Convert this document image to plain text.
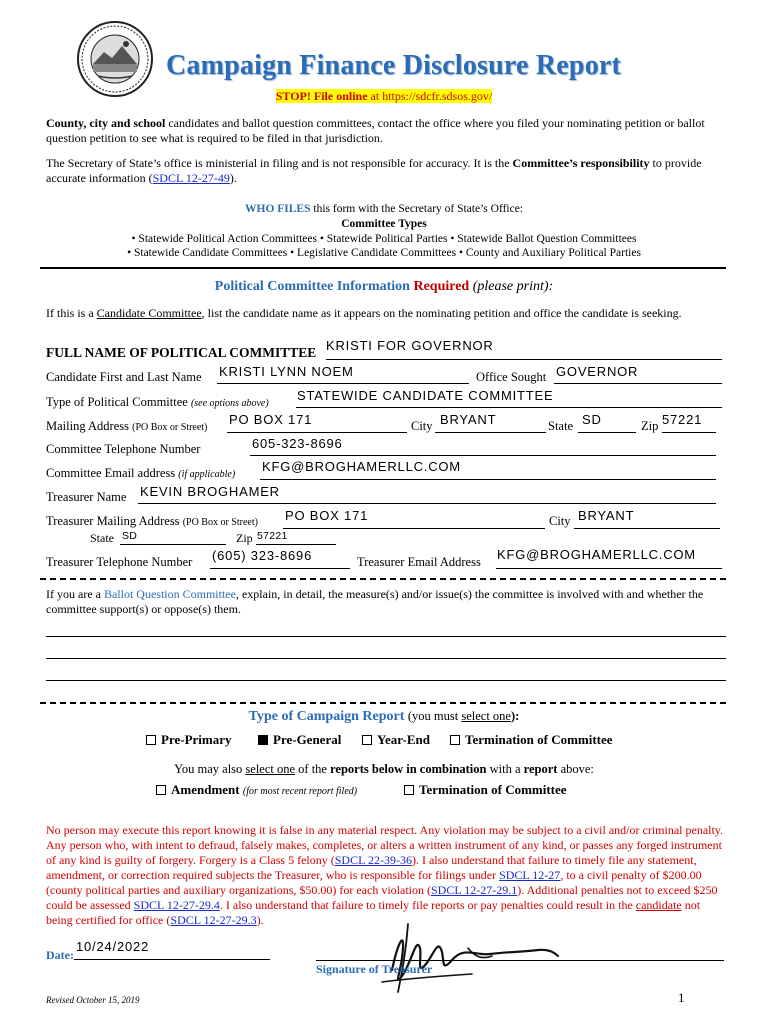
Campaign Finance Disclosure Report
STOP! File online at https://sdcfr.sdsos.gov/
County, city and school candidates and ballot question committees, contact the office where you filed your nominating petition or ballot question petition to see what is required to be filed in that jurisdiction.
The Secretary of State’s office is ministerial in filing and is not responsible for accuracy. It is the Committee’s responsibility to provide accurate information (SDCL 12-27-49).
WHO FILES this form with the Secretary of State’s Office:
Committee Types
• Statewide Political Action Committees • Statewide Political Parties • Statewide Ballot Question Committees
• Statewide Candidate Committees • Legislative Candidate Committees • County and Auxiliary Political Parties
Political Committee Information Required (please print):
If this is a Candidate Committee, list the candidate name as it appears on the nominating petition and office the candidate is seeking.
FULL NAME OF POLITICAL COMMITTEE KRISTI FOR GOVERNOR
Candidate First and Last Name KRISTI LYNN NOEM	Office Sought GOVERNOR
Type of Political Committee (see options above)
STATEWIDE CANDIDATE COMMITTEE
Mailing Address (PO Box or Street)
PO BOX 171	City BRYANT	State SD	Zip 57221
Committee Telephone Number	605-323-8696
Committee Email address (if applicable)
KFG@BROGHAMERLLC.COM
Treasurer Name KEVIN BROGHAMER
Treasurer Mailing Address (PO Box or Street) PO BOX 171	City BRYANT
State SD	Zip 57221
Treasurer Telephone Number (605) 323-8696	Treasurer Email Address KFG@BROGHAMERLLC.COM
If you are a Ballot Question Committee, explain, in detail, the measure(s) and/or issue(s) the committee is involved with and whether the committee support(s) or oppose(s) them.
Type of Campaign Report (you must select one):
Pre-Primary	Pre-General	Year-End	Termination of Committee
You may also select one of the reports below in combination with a report above:
Amendment (for most recent report filed)	Termination of Committee
No person may execute this report knowing it is false in any material respect. Any violation may be subject to a civil and/or criminal penalty. Any person who, with intent to defraud, falsely makes, completes, or alters a written instrument of any kind, or passes any forged instrument of any kind is guilty of forgery. Forgery is a Class 5 felony (SDCL 22-39-36). I also understand that failure to timely file any statement, amendment, or correction required subjects the Treasurer, who is responsible for filings under SDCL 12-27, to a civil penalty of $200.00 (county political parties and auxiliary organizations, $50.00) for each violation (SDCL 12-27-29.1). Additional penalties not to exceed $250 could be assessed SDCL 12-27-29.4. I also understand that failure to timely file reports or pay penalties could result in the candidate not being certified for office (SDCL 12-27-29.3).
Date:
10/24/2022
Signature of Treasurer
Revised October 15, 2019	1
